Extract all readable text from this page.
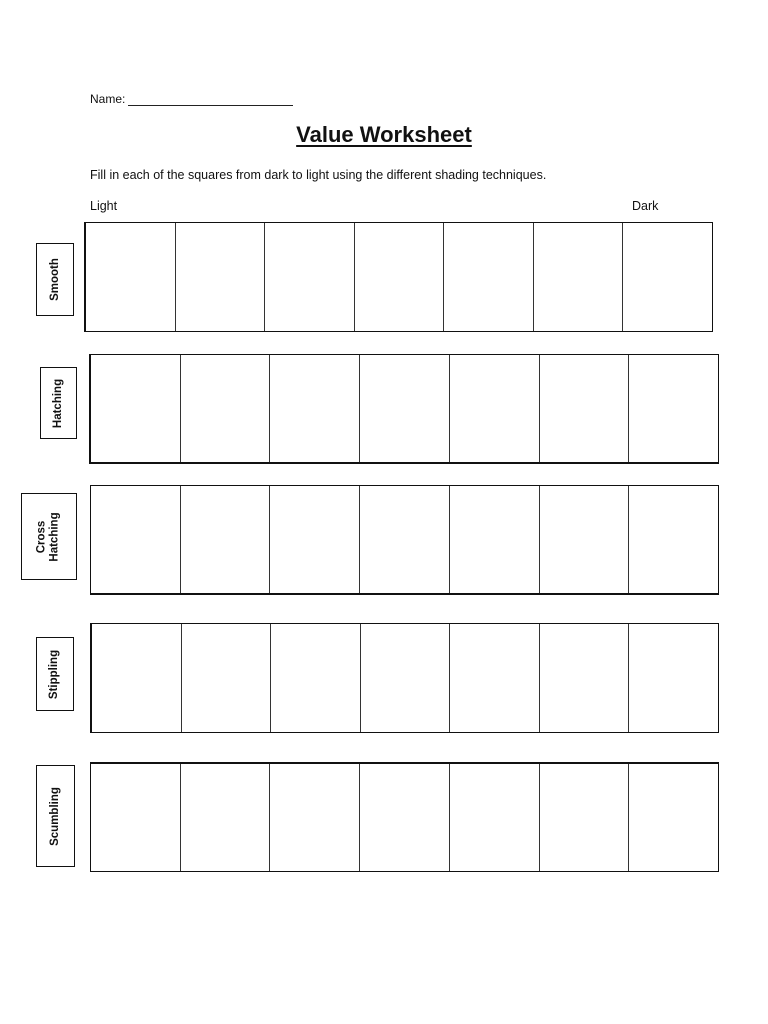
Name:
Value Worksheet
Fill in each of the squares from dark to light using the different shading techniques.
Light	Dark
Smooth
Hatching
Cross
Hatching
Stippling
Scumbling
